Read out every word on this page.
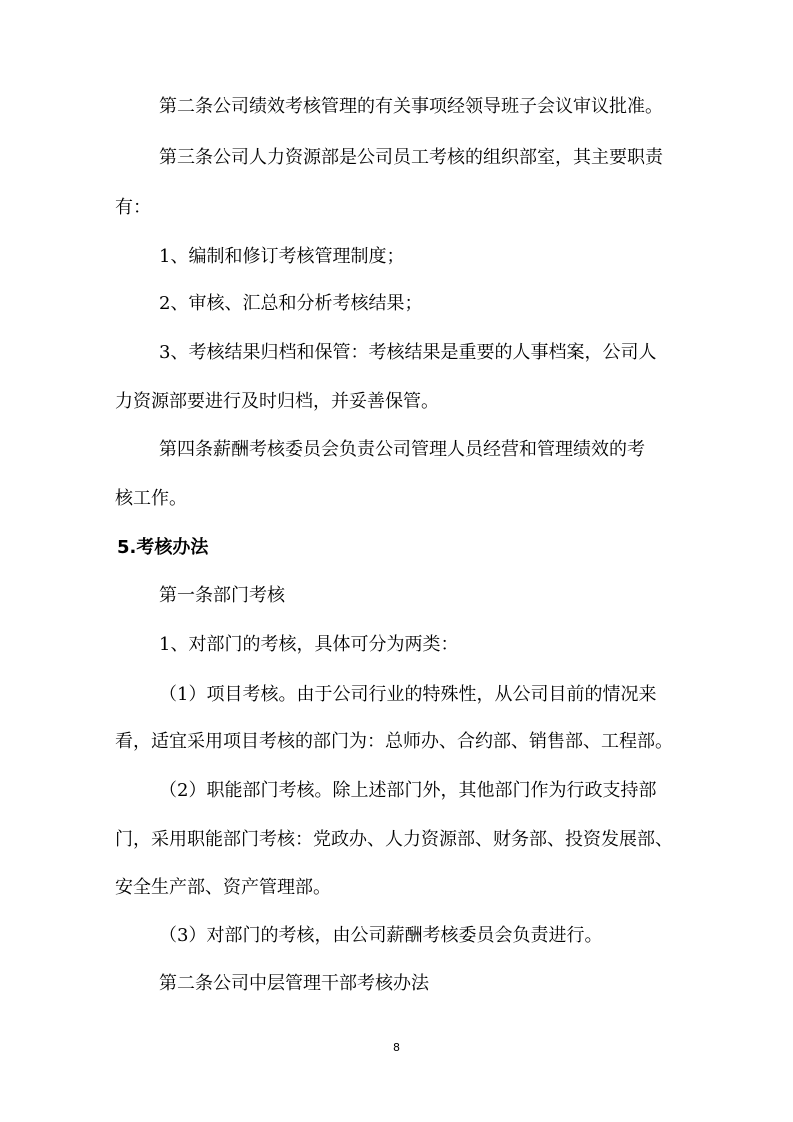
第二条公司绩效考核管理的有关事项经领导班子会议审议批准。
第三条公司人力资源部是公司员工考核的组织部室，其主要职责
有：
1、编制和修订考核管理制度；
2、审核、汇总和分析考核结果；
3、考核结果归档和保管：考核结果是重要的人事档案，公司人
力资源部要进行及时归档，并妥善保管。
第四条薪酬考核委员会负责公司管理人员经营和管理绩效的考
核工作。
5.考核办法
第一条部门考核
1、对部门的考核，具体可分为两类：
（1）项目考核。由于公司行业的特殊性，从公司目前的情况来
看，适宜采用项目考核的部门为：总师办、合约部、销售部、工程部。
（2）职能部门考核。除上述部门外，其他部门作为行政支持部
门，采用职能部门考核：党政办、人力资源部、财务部、投资发展部、
安全生产部、资产管理部。
（3）对部门的考核，由公司薪酬考核委员会负责进行。
第二条公司中层管理干部考核办法
8
